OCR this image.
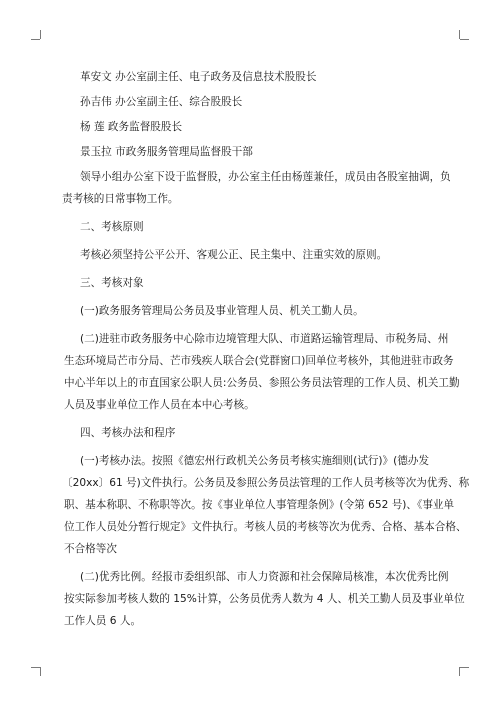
革安文 办公室副主任、电子政务及信息技术股股长
孙吉伟 办公室副主任、综合股股长
杨 莲 政务监督股股长
景玉拉 市政务服务管理局监督股干部
领导小组办公室下设于监督股，办公室主任由杨莲兼任，成员由各股室抽调，负
责考核的日常事物工作。
二、考核原则
考核必须坚持公平公开、客观公正、民主集中、注重实效的原则。
三、考核对象
(一)政务服务管理局公务员及事业管理人员、机关工勤人员。
(二)进驻市政务服务中心除市边境管理大队、市道路运输管理局、市税务局、州
生态环境局芒市分局、芒市残疾人联合会(党群窗口)回单位考核外，其他进驻市政务
中心半年以上的市直国家公职人员:公务员、参照公务员法管理的工作人员、机关工勤
人员及事业单位工作人员在本中心考核。
四、考核办法和程序
(一)考核办法。按照《德宏州行政机关公务员考核实施细则(试行)》(德办发
〔20xx〕61 号)文件执行。公务员及参照公务员法管理的工作人员考核等次为优秀、称
职、基本称职、不称职等次。按《事业单位人事管理条例》(令第 652 号)、《事业单
位工作人员处分暂行规定》文件执行。考核人员的考核等次为优秀、合格、基本合格、
不合格等次
(二)优秀比例。经报市委组织部、市人力资源和社会保障局核准，本次优秀比例
按实际参加考核人数的 15%计算，公务员优秀人数为 4 人、机关工勤人员及事业单位
工作人员 6 人。
